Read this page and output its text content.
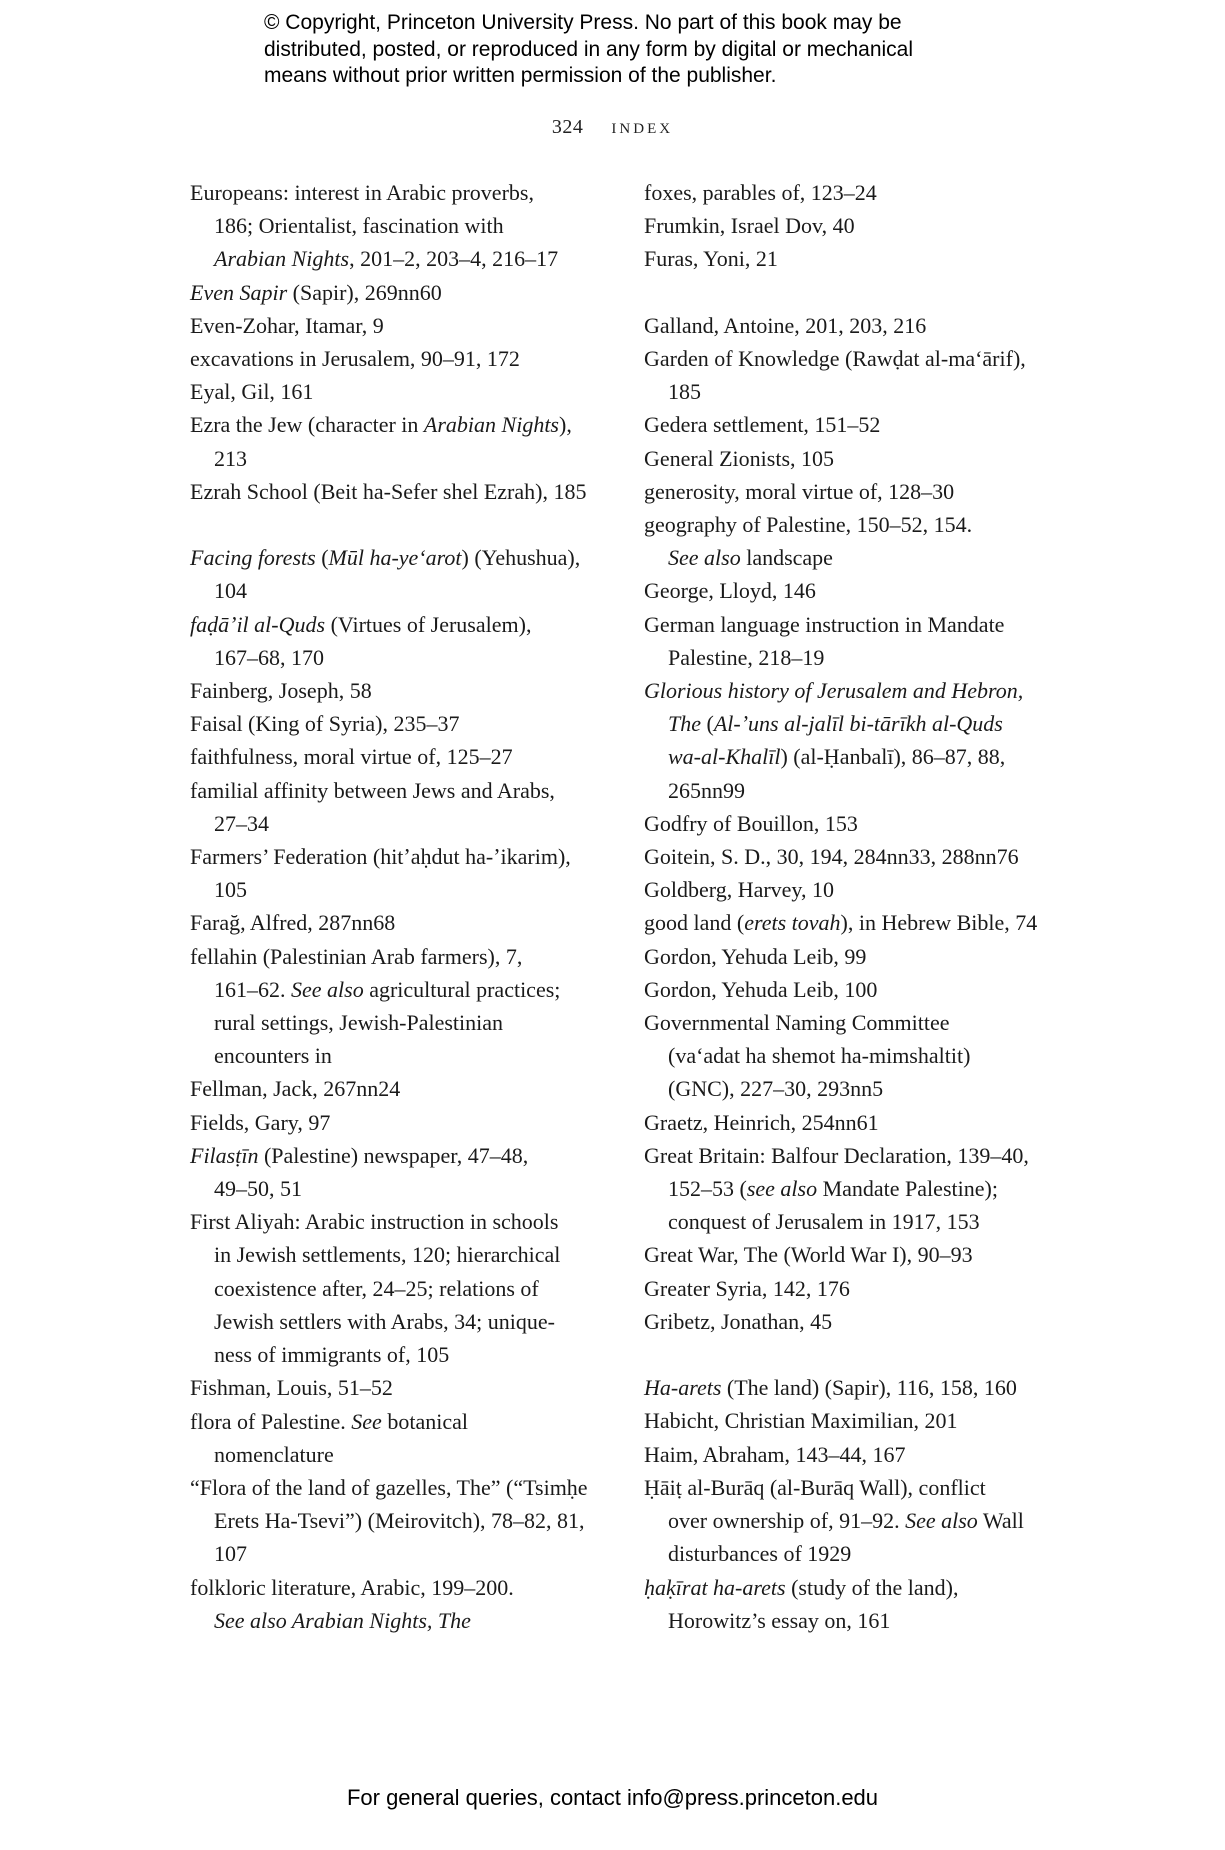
© Copyright, Princeton University Press. No part of this book may be
distributed, posted, or reproduced in any form by digital or mechanical
means without prior written permission of the publisher.
324 index
Europeans: interest in Arabic proverbs,
186; Orientalist, fascination with
Arabian Nights, 201–2, 203–4, 216–17
Even Sapir (Sapir), 269nn60
Even-Zohar, Itamar, 9
excavations in Jerusalem, 90–91, 172
Eyal, Gil, 161
Ezra the Jew (character in Arabian Nights),
213
Ezrah School (Beit ha-Sefer shel Ezrah), 185
Facing forests (Mūl ha-yeʻarot) (Yehushua),
104
faḍāʼil al-Quds (Virtues of Jerusalem),
167–68, 170
Fainberg, Joseph, 58
Faisal (King of Syria), 235–37
faithfulness, moral virtue of, 125–27
familial affinity between Jews and Arabs,
27–34
Farmers’ Federation (hitʼaḥdut ha-ʼikarim),
105
Farağ, Alfred, 287nn68
fellahin (Palestinian Arab farmers), 7,
161–62. See also agricultural practices;
rural settings, Jewish-Palestinian
encounters in
Fellman, Jack, 267nn24
Fields, Gary, 97
Filasṭīn (Palestine) newspaper, 47–48,
49–50, 51
First Aliyah: Arabic instruction in schools
in Jewish settlements, 120; hierarchical
coexistence after, 24–25; relations of
Jewish settlers with Arabs, 34; unique-
ness of immigrants of, 105
Fishman, Louis, 51–52
flora of Palestine. See botanical
nomenclature
“Flora of the land of gazelles, The” (“Tsimḥe
Erets Ha-Tsevi”) (Meirovitch), 78–82, 81,
107
folkloric literature, Arabic, 199–200.
See also Arabian Nights, The
foxes, parables of, 123–24
Frumkin, Israel Dov, 40
Furas, Yoni, 21
Galland, Antoine, 201, 203, 216
Garden of Knowledge (Rawḍat al-maʻārif),
185
Gedera settlement, 151–52
General Zionists, 105
generosity, moral virtue of, 128–30
geography of Palestine, 150–52, 154.
See also landscape
George, Lloyd, 146
German language instruction in Mandate
Palestine, 218–19
Glorious history of Jerusalem and Hebron,
The (Al-ʼuns al-jalīl bi-tārīkh al-Quds
wa-al-Khalīl) (al-Ḥanbalī), 86–87, 88,
265nn99
Godfry of Bouillon, 153
Goitein, S. D., 30, 194, 284nn33, 288nn76
Goldberg, Harvey, 10
good land (erets tovah), in Hebrew Bible, 74
Gordon, Yehuda Leib, 99
Gordon, Yehuda Leib, 100
Governmental Naming Committee
(vaʻadat ha shemot ha-mimshaltit)
(GNC), 227–30, 293nn5
Graetz, Heinrich, 254nn61
Great Britain: Balfour Declaration, 139–40,
152–53 (see also Mandate Palestine);
conquest of Jerusalem in 1917, 153
Great War, The (World War I), 90–93
Greater Syria, 142, 176
Gribetz, Jonathan, 45
Ha-arets (The land) (Sapir), 116, 158, 160
Habicht, Christian Maximilian, 201
Haim, Abraham, 143–44, 167
Ḥāiṭ al-Burāq (al-Burāq Wall), conflict
over ownership of, 91–92. See also Wall
disturbances of 1929
ḥaḳīrat ha-arets (study of the land),
Horowitz’s essay on, 161
For general queries, contact info@press.princeton.edu
